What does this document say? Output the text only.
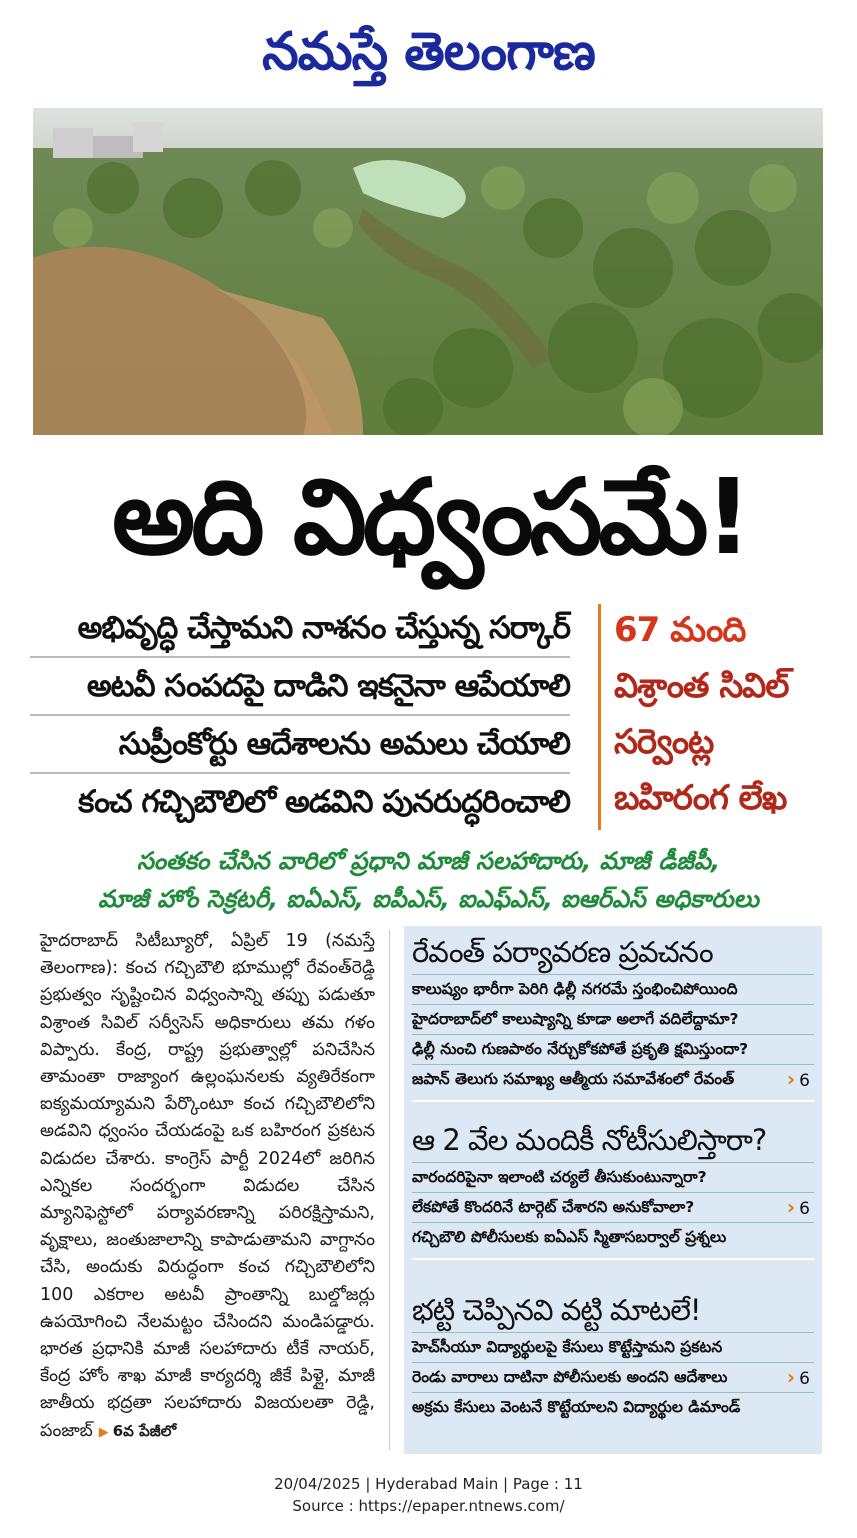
నమస్తే తెలంగాణ
అది విధ్వంసమే!
అభివృద్ధి చేస్తామని నాశనం చేస్తున్న సర్కార్
అటవీ సంపదపై దాడిని ఇకనైనా ఆపేయాలి
సుప్రీంకోర్టు ఆదేశాలను అమలు చేయాలి
కంచ గచ్చిబౌలిలో అడవిని పునరుద్ధరించాలి
67 మంది
విశ్రాంత సివిల్
సర్వెంట్ల
బహిరంగ లేఖ
సంతకం చేసిన వారిలో ప్రధాని మాజీ సలహాదారు, మాజీ డీజీపీ,
మాజీ హోం సెక్రటరీ, ఐఏఎస్, ఐపీఎస్, ఐఎఫ్ఎస్, ఐఆర్ఎస్ అధికారులు
హైదరాబాద్ సిటీబ్యూరో, ఏప్రిల్ 19 (నమస్తే తెలంగాణ): కంచ గచ్చిబౌలి భూముల్లో రేవంత్‌రెడ్డి ప్రభుత్వం సృష్టించిన విధ్వంసాన్ని తప్పు పడుతూ విశ్రాంత సివిల్ సర్వీసెస్ అధికారులు తమ గళం విప్పారు. కేంద్ర, రాష్ట్ర ప్రభుత్వాల్లో పనిచేసిన తామంతా రాజ్యాంగ ఉల్లంఘనలకు వ్యతిరేకంగా ఐక్యమయ్యామని పేర్కొంటూ కంచ గచ్చిబౌలిలోని అడవిని ధ్వంసం చేయడంపై ఒక బహిరంగ ప్రకటన విడుదల చేశారు. కాంగ్రెస్ పార్టీ 2024లో జరిగిన ఎన్నికల సందర్భంగా విడుదల చేసిన మ్యానిఫెస్టోలో పర్యావరణాన్ని పరిరక్షిస్తామని, వృక్షాలు, జంతుజాలాన్ని కాపాడుతామని వాగ్దానం చేసి, అందుకు విరుద్ధంగా కంచ గచ్చిబౌలిలోని 100 ఎకరాల అటవీ ప్రాంతాన్ని బుల్డోజర్లు ఉపయోగించి నేలమట్టం చేసిందని మండిపడ్డారు. భారత ప్రధానికి మాజీ సలహాదారు టీకే నాయర్, కేంద్ర హోం శాఖ మాజీ కార్యదర్శి జీకే పిళ్లై, మాజీ జాతీయ భద్రతా సలహాదారు విజయలతా రెడ్డి, పంజాబ్ ▶ 6వ పేజీలో
రేవంత్ పర్యావరణ ప్రవచనం
కాలుష్యం భారీగా పెరిగి ఢిల్లీ నగరమే స్తంభించిపోయింది
హైదరాబాద్‌లో కాలుష్యాన్ని కూడా అలాగే వదిలేద్దామా?
ఢిల్లీ నుంచి గుణపాఠం నేర్చుకోకపోతే ప్రకృతి క్షమిస్తుందా?
జపాన్ తెలుగు సమాఖ్య ఆత్మీయ సమావేశంలో రేవంత్	› 6
ఆ 2 వేల మందికీ నోటీసులిస్తారా?
వారందరిపైనా ఇలాంటి చర్యలే తీసుకుంటున్నారా?
లేకపోతే కొందరినే టార్గెట్ చేశారని అనుకోవాలా?	› 6
గచ్చిబౌలి పోలీసులకు ఐఏఎస్ స్మితాసబర్వాల్ ప్రశ్నలు
భట్టి చెప్పినవి వట్టి మాటలే!
హెచ్‌సీయూ విద్యార్థులపై కేసులు కొట్టేస్తామని ప్రకటన
రెండు వారాలు దాటినా పోలీసులకు అందని ఆదేశాలు	› 6
అక్రమ కేసులు వెంటనే కొట్టేయాలని విద్యార్థుల డిమాండ్
20/04/2025 | Hyderabad Main | Page : 11
Source : https://epaper.ntnews.com/
